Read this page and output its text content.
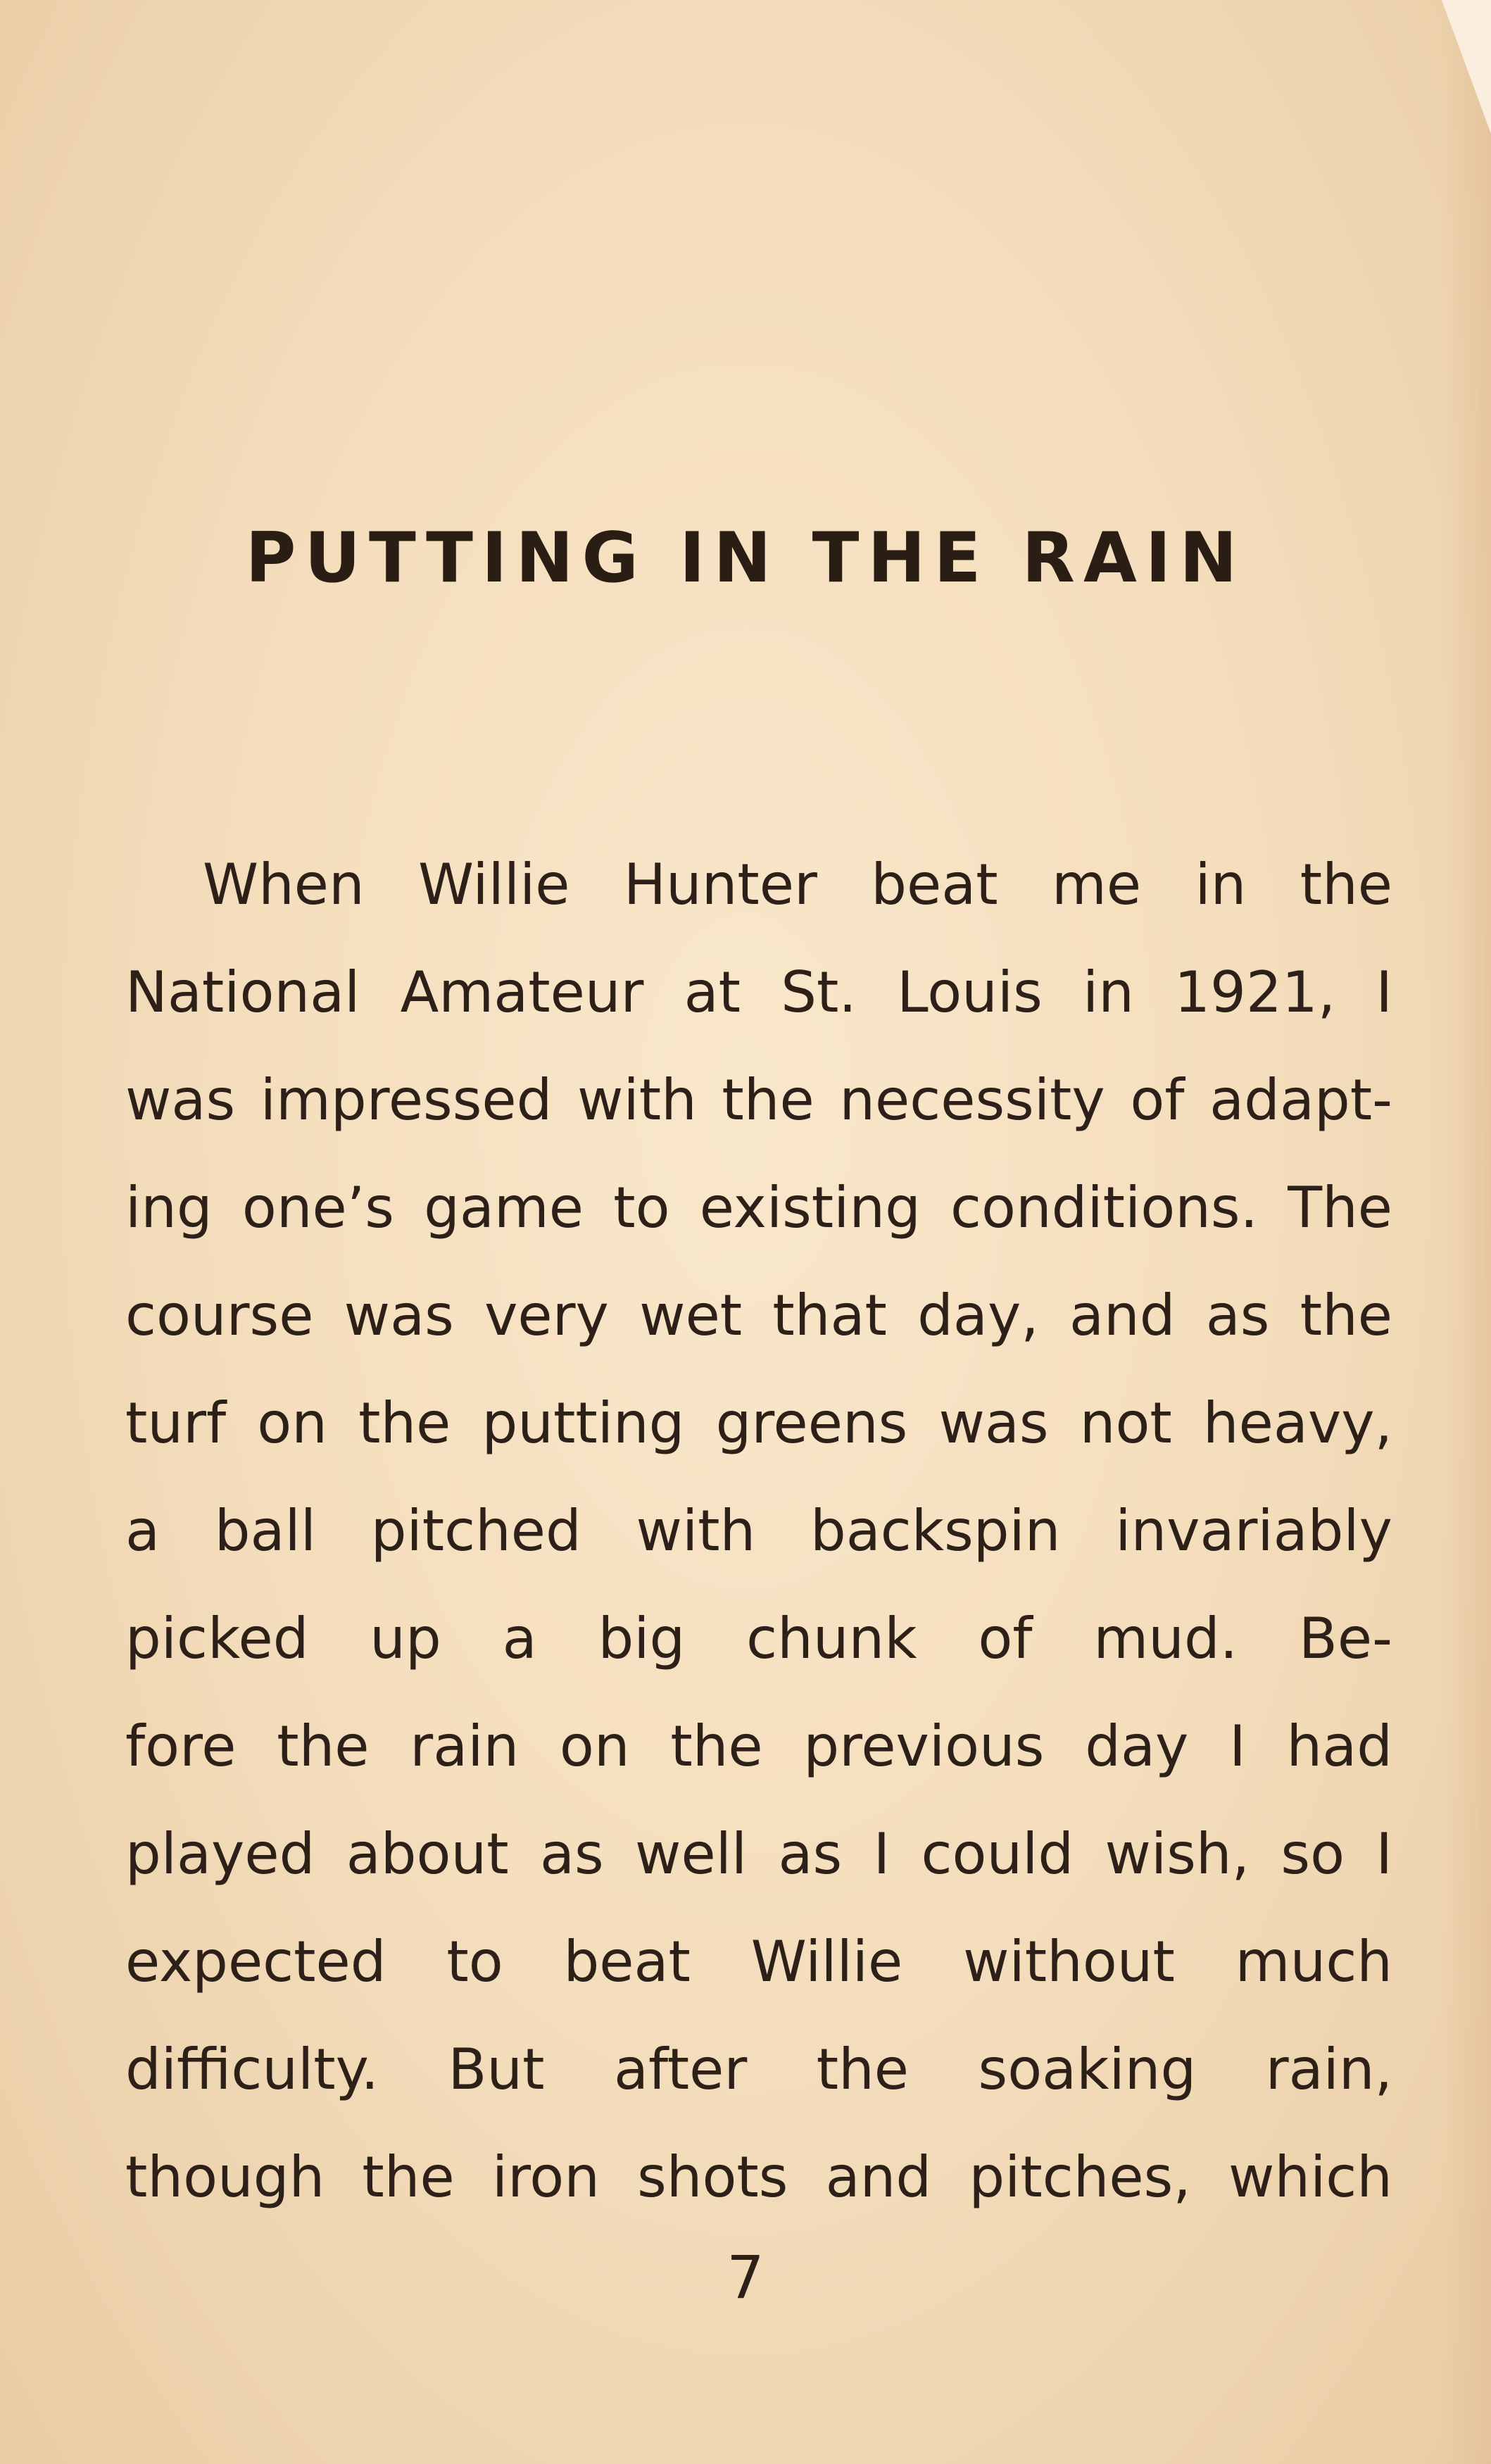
PUTTING IN THE RAIN
When Willie Hunter beat me in the
National Amateur at St. Louis in 1921, I
was impressed with the necessity of adapt-
ing one’s game to existing conditions. The
course was very wet that day, and as the
turf on the putting greens was not heavy,
a ball pitched with backspin invariably
picked up a big chunk of mud. Be-
fore the rain on the previous day I had
played about as well as I could wish, so I
expected to beat Willie without much
difficulty. But after the soaking rain,
though the iron shots and pitches, which
7
